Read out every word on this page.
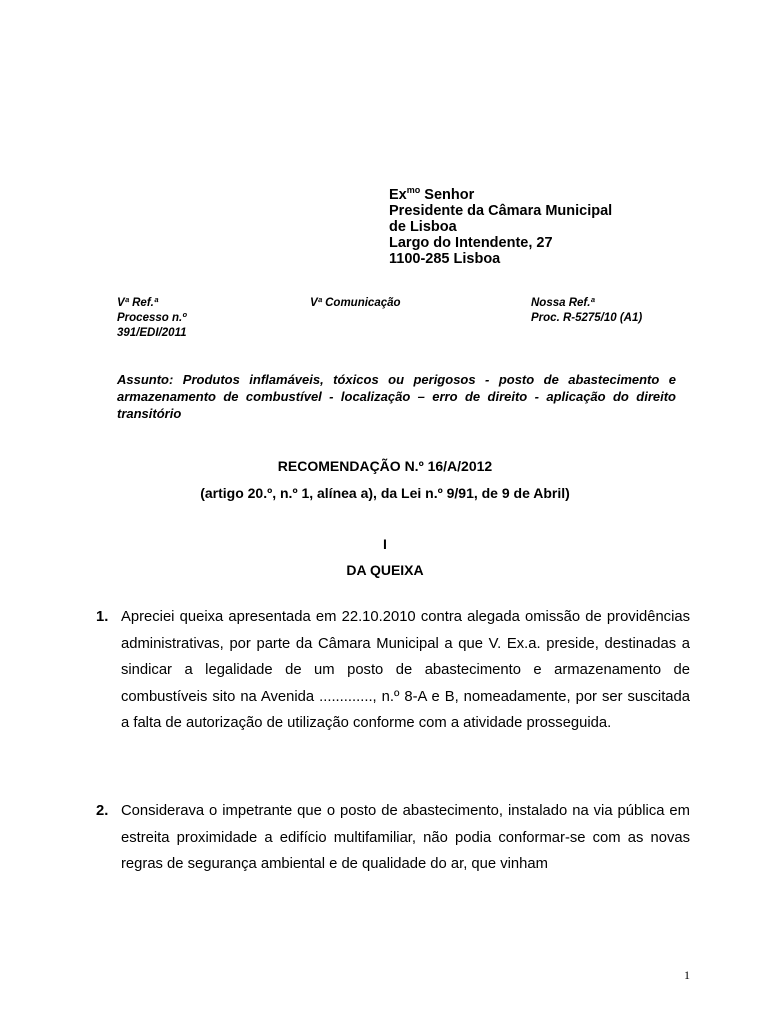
$Ex^{mo}$ Senhor
Presidente da Câmara Municipal
de Lisboa
Largo do Intendente, 27
1100-285 Lisboa
Vª Ref.ª
Processo n.º
391/EDI/2011
Vª Comunicação	Nossa Ref.ª
Proc. R-5275/10 (A1)

Assunto: Produtos inflamáveis, tóxicos ou perigosos - posto de abastecimento e armazenamento de combustível - localização – erro de direito - aplicação do direito transitório

RECOMENDAÇÃO N.º 16/A/2012
(artigo 20.º, n.º 1, alínea a), da Lei n.º 9/91, de 9 de Abril)
I
DA QUEIXA
1. Apreciei queixa apresentada em 22.10.2010 contra alegada omissão de providências administrativas, por parte da Câmara Municipal a que V. Ex.a. preside, destinadas a sindicar a legalidade de um posto de abastecimento e armazenamento de combustíveis sito na Avenida ............., n.º 8-A e B, nomeadamente, por ser suscitada a falta de autorização de utilização conforme com a atividade prosseguida.

2. Considerava o impetrante que o posto de abastecimento, instalado na via pública em estreita proximidade a edifício multifamiliar, não podia conformar-se com as novas regras de segurança ambiental e de qualidade do ar, que vinham

1
